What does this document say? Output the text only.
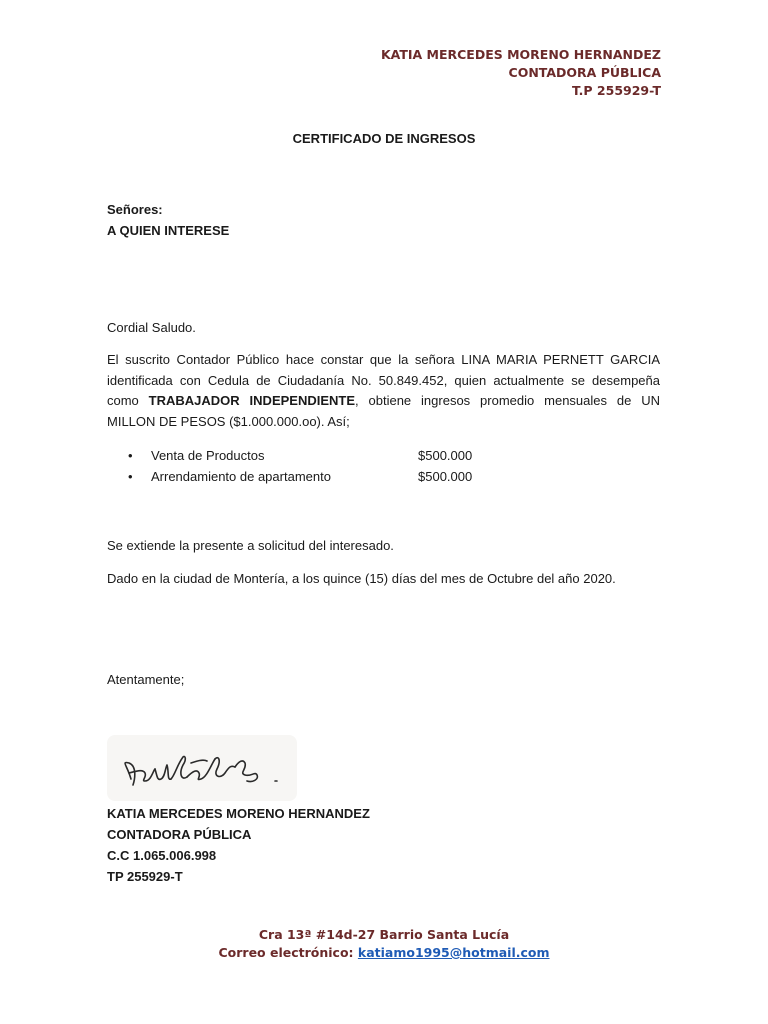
KATIA MERCEDES MORENO HERNANDEZ
CONTADORA PÚBLICA
T.P 255929-T
CERTIFICADO DE INGRESOS
Señores:
A QUIEN INTERESE
Cordial Saludo.
El suscrito Contador Público hace constar que la señora LINA MARIA PERNETT GARCIA identificada con Cedula de Ciudadanía No. 50.849.452, quien actualmente se desempeña como TRABAJADOR INDEPENDIENTE, obtiene ingresos promedio mensuales de UN MILLON DE PESOS ($1.000.000.oo). Así;
• Venta de Productos	$500.000
• Arrendamiento de apartamento	$500.000
Se extiende la presente a solicitud del interesado.
Dado en la ciudad de Montería, a los quince (15) días del mes de Octubre del año 2020.
Atentamente;
KATIA MERCEDES MORENO HERNANDEZ
CONTADORA PÚBLICA
C.C 1.065.006.998
TP 255929-T
Cra 13ª #14d-27 Barrio Santa Lucía
Correo electrónico: katiamo1995@hotmail.com
